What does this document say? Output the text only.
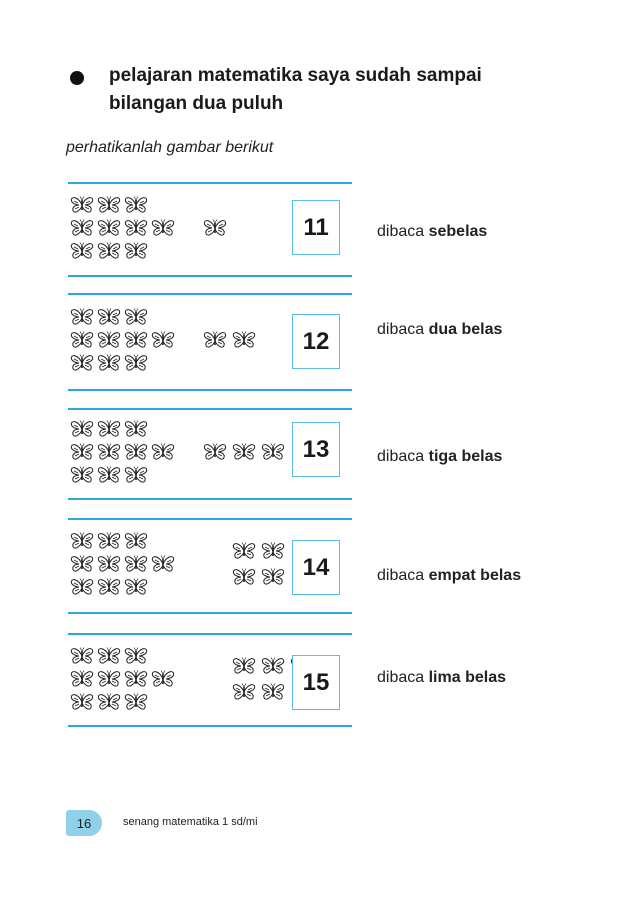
pelajaran matematika saya sudah sampai
bilangan dua puluh
perhatikanlah gambar berikut
11	dibaca sebelas
12	dibaca dua belas
13	dibaca tiga belas
14	dibaca empat belas
15	dibaca lima belas
16	senang matematika 1 sd/mi
